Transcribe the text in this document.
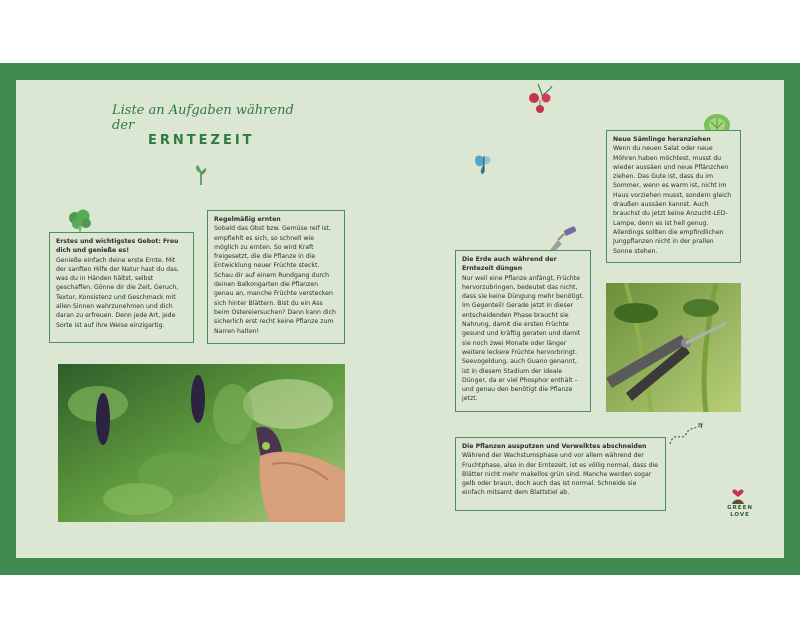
Liste an Aufgaben während der
ERNTEZEIT
GREEN
LOVE
Erstes und wichtigstes Gebot: Freu dich und genieße es!
Genieße einfach deine erste Ernte. Mit der sanften Hilfe der Natur hast du das, was du in Händen hältst, selbst geschaffen. Gönne dir die Zeit, Geruch, Textur, Konsistenz und Geschmack mit allen Sinnen wahrzunehmen und dich daran zu erfreuen. Denn jede Art, jede Sorte ist auf ihre Weise einzigartig.
Regelmäßig ernten
Sobald das Obst bzw. Gemüse reif ist, empfiehlt es sich, so schnell wie möglich zu ernten. So wird Kraft freigesetzt, die die Pflanze in die Entwicklung neuer Früchte steckt. Schau dir auf einem Rundgang durch deinen Balkongarten die Pflanzen genau an, manche Früchte verstecken sich hinter Blättern. Bist du ein Ass beim Ostereiersuchen? Dann kann dich sicherlich erst recht keine Pflanze zum Narren halten!
Die Erde auch während der Erntezeit düngen
Nur weil eine Pflanze anfängt, Früchte hervorzubringen, bedeutet das nicht, dass sie keine Düngung mehr benötigt. Im Gegenteil! Gerade jetzt in dieser entscheidenden Phase braucht sie Nahrung, damit die ersten Früchte gesund und kräftig geraten und damit sie noch zwei Monate oder länger weitere leckere Früchte hervorbringt. Seevogeldung, auch Guano genannt, ist in diesem Stadium der ideale Dünger, da er viel Phosphor enthält – und genau den benötigt die Pflanze jetzt.
Neue Sämlinge heranziehen
Wenn du neuen Salat oder neue Möhren haben möchtest, musst du wieder aussäen und neue Pflänzchen ziehen. Das Gute ist, dass du im Sommer, wenn es warm ist, nicht im Haus vorziehen musst, sondern gleich draußen aussäen kannst. Auch brauchst du jetzt keine Anzucht-LED-Lampe, denn es ist hell genug. Allerdings sollten die empfindlichen Jungpflanzen nicht in der prallen Sonne stehen.
Die Pflanzen ausputzen und Verwelktes abschneiden
Während der Wachstumsphase und vor allem während der Fruchtphase, also in der Erntezeit, ist es völlig normal, dass die Blätter nicht mehr makellos grün sind. Manche werden sogar gelb oder braun, doch auch das ist normal. Schneide sie einfach mitsamt dem Blattstiel ab.
